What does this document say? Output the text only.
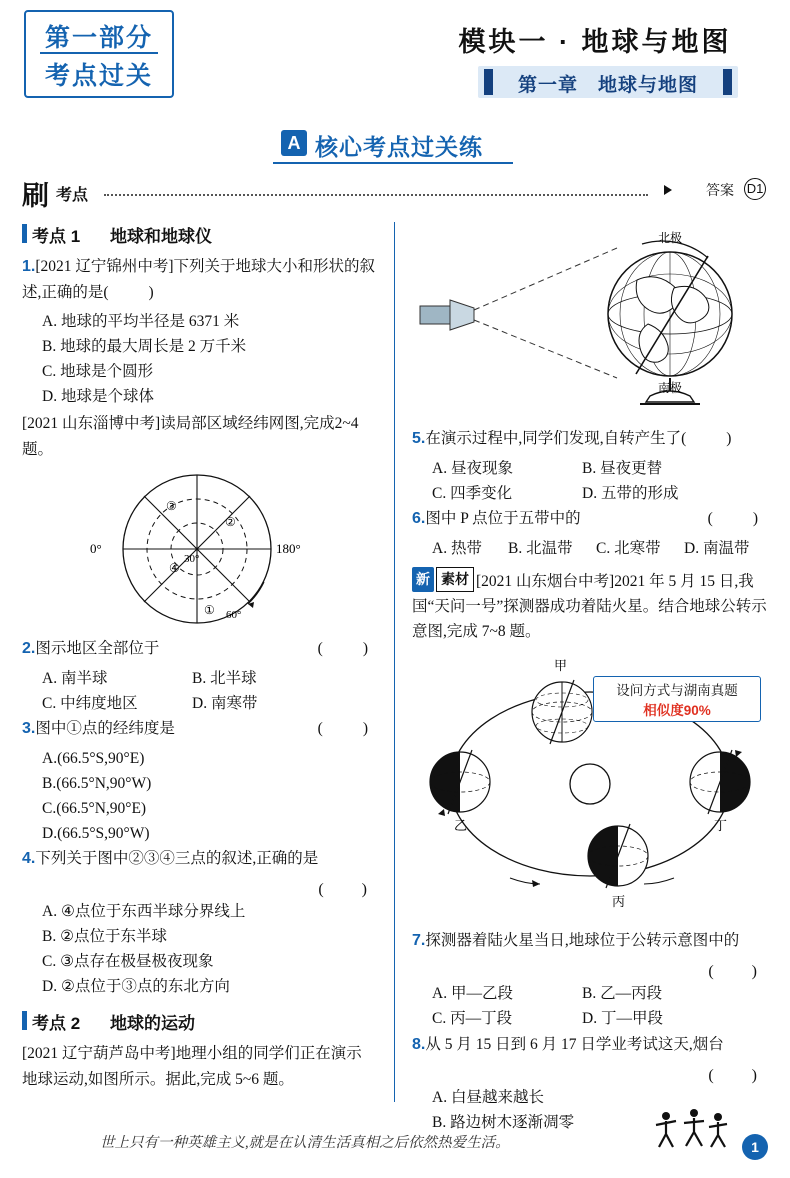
第一部分
考点过关
模块一 · 地球与地图
第一章　地球与地图
A 核心考点过关练
刷 考点	答案 D1
考点 1 地球和地球仪
1.[2021 辽宁锦州中考]下列关于地球大小和形状的叙述,正确的是(　　)
A. 地球的平均半径是 6371 米
B. 地球的最大周长是 2 万千米
C. 地球是个圆形
D. 地球是个球体
[2021 山东淄博中考]读局部区域经纬网图,完成2~4 题。
③
②
④
①
30°
0°	180°
60°
2.图示地区全部位于	(　　)
A. 南半球	B. 北半球
C. 中纬度地区	D. 南寒带
3.图中①点的经纬度是	(　　)
A.(66.5°S,90°E)
B.(66.5°N,90°W)
C.(66.5°N,90°E)
D.(66.5°S,90°W)
4.下列关于图中②③④三点的叙述,正确的是
(　　)
A. ④点位于东西半球分界线上
B. ②点位于东半球
C. ③点存在极昼极夜现象
D. ②点位于③点的东北方向
考点 2 地球的运动
[2021 辽宁葫芦岛中考]地理小组的同学们正在演示地球运动,如图所示。据此,完成 5~6 题。
北极
南极
5.在演示过程中,同学们发现,自转产生了(　　)
A. 昼夜现象	B. 昼夜更替
C. 四季变化	D. 五带的形成
6.图中 P 点位于五带中的	(　　)
A. 热带	B. 北温带	C. 北寒带	D. 南温带
新 素材 [2021 山东烟台中考]2021 年 5 月 15 日,我国“天问一号”探测器成功着陆火星。结合地球公转示意图,完成 7~8 题。
设问方式与湖南真题
相似度90%
甲
乙	丁
丙
7.探测器着陆火星当日,地球位于公转示意图中的
(　　)
A. 甲—乙段	B. 乙—丙段
C. 丙—丁段	D. 丁—甲段
8.从 5 月 15 日到 6 月 17 日学业考试这天,烟台
(　　)
A. 白昼越来越长
B. 路边树木逐渐凋零
世上只有一种英雄主义,就是在认清生活真相之后依然热爱生活。	1
